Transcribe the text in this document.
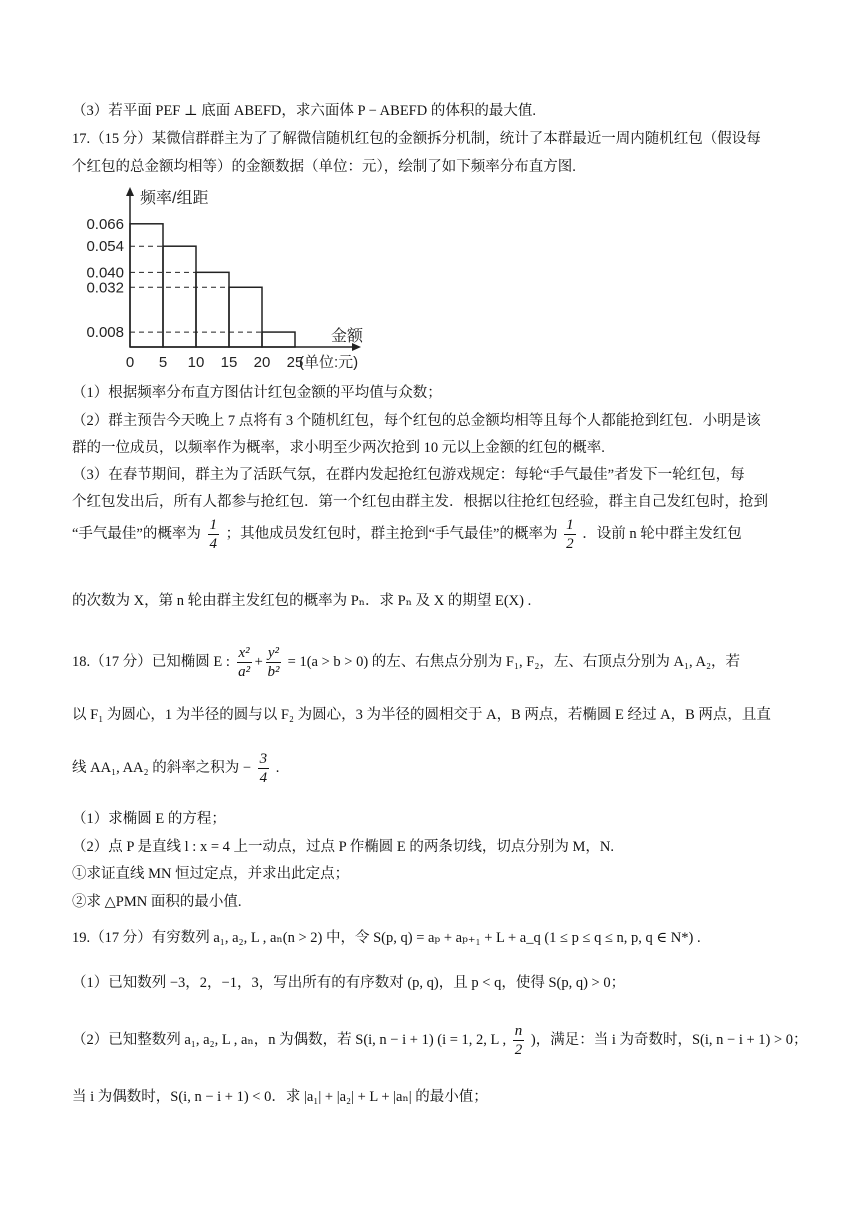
（3）若平面 PEF ⊥ 底面 ABEFD，求六面体 P − ABEFD 的体积的最大值.
17.（15 分）某微信群群主为了了解微信随机红包的金额拆分机制，统计了本群最近一周内随机红包（假设每
个红包的总金额均相等）的金额数据（单位：元），绘制了如下频率分布直方图.
0.066
0.054
0.040
0.032
0.008
0 5 10 15 20 25
频率/组距
金额
(单位:元)
（1）根据频率分布直方图估计红包金额的平均值与众数；
（2）群主预告今天晚上 7 点将有 3 个随机红包，每个红包的总金额均相等且每个人都能抢到红包．小明是该
群的一位成员，以频率作为概率，求小明至少两次抢到 10 元以上金额的红包的概率.
（3）在春节期间，群主为了活跃气氛，在群内发起抢红包游戏规定：每轮“手气最佳”者发下一轮红包，每
个红包发出后，所有人都参与抢红包．第一个红包由群主发．根据以往抢红包经验，群主自己发红包时，抢到
“手气最佳”的概率为 $\frac{1}{4}$ ；其他成员发红包时，群主抢到“手气最佳”的概率为 $\frac{1}{2}$ ．设前 n 轮中群主发红包
的次数为 X，第 n 轮由群主发红包的概率为 Pₙ．求 Pₙ 及 X 的期望 E(X) .
18.（17 分）已知椭圆 E : $\frac{\text{x²}}{\text{a²}} + \frac{\text{y²}}{\text{b²}} = 1(a > b > 0)$ 的左、右焦点分别为 F₁, F₂，左、右顶点分别为 A₁, A₂，若
以 F₁ 为圆心，1 为半径的圆与以 F₂ 为圆心，3 为半径的圆相交于 A，B 两点，若椭圆 E 经过 A，B 两点，且直
线 AA₁, AA₂ 的斜率之积为 − $\frac{3}{4}$ .
（1）求椭圆 E 的方程；
（2）点 P 是直线 l : x = 4 上一动点，过点 P 作椭圆 E 的两条切线，切点分别为 M，N.
①求证直线 MN 恒过定点，并求出此定点；
②求 △PMN 面积的最小值.
19.（17 分）有穷数列 a₁, a₂, L , aₙ(n > 2) 中，令 S(p, q) = aₚ + aₚ₊₁ + L + a_q (1 ≤ p ≤ q ≤ n, p, q ∈ N*) .
（1）已知数列 −3，2，−1，3，写出所有的有序数对 (p, q)，且 p < q，使得 S(p, q) > 0；
（2）已知整数列 a₁, a₂, L , aₙ，n 为偶数，若 S(i, n − i + 1) (i = 1, 2, L , $\frac{n}{2}$ )，满足：当 i 为奇数时，S(i, n − i + 1) > 0；
当 i 为偶数时，S(i, n − i + 1) < 0．求 |a₁| + |a₂| + L + |aₙ| 的最小值；
